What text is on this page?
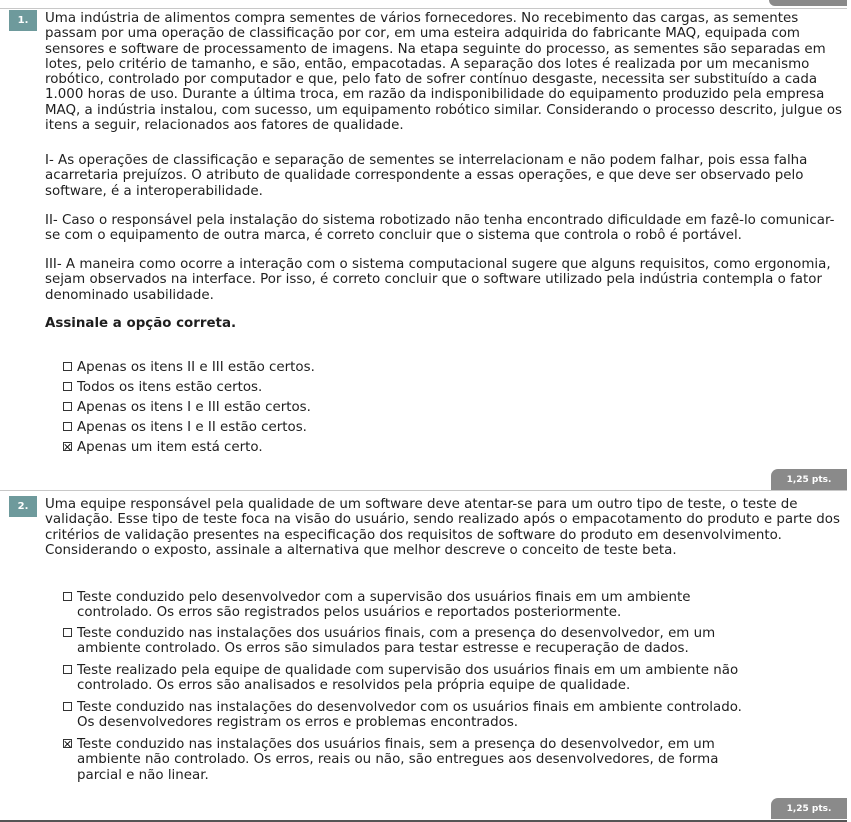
1.	Uma indústria de alimentos compra sementes de vários fornecedores. No recebimento das cargas, as sementes passam por uma operação de classificação por cor, em uma esteira adquirida do fabricante MAQ, equipada com sensores e software de processamento de imagens. Na etapa seguinte do processo, as sementes são separadas em lotes, pelo critério de tamanho, e são, então, empacotadas. A separação dos lotes é realizada por um mecanismo robótico, controlado por computador e que, pelo fato de sofrer contínuo desgaste, necessita ser substituído a cada 1.000 horas de uso. Durante a última troca, em razão da indisponibilidade do equipamento produzido pela empresa MAQ, a indústria instalou, com sucesso, um equipamento robótico similar. Considerando o processo descrito, julgue os itens a seguir, relacionados aos fatores de qualidade.

I- As operações de classificação e separação de sementes se interrelacionam e não podem falhar, pois essa falha acarretaria prejuízos. O atributo de qualidade correspondente a essas operações, e que deve ser observado pelo software, é a interoperabilidade.

II- Caso o responsável pela instalação do sistema robotizado não tenha encontrado dificuldade em fazê-lo comunicar-se com o equipamento de outra marca, é correto concluir que o sistema que controla o robô é portável.

III- A maneira como ocorre a interação com o sistema computacional sugere que alguns requisitos, como ergonomia, sejam observados na interface. Por isso, é correto concluir que o software utilizado pela indústria contempla o fator denominado usabilidade.

Assinale a opção correta.

Apenas os itens II e III estão certos.
Todos os itens estão certos.
Apenas os itens I e III estão certos.
Apenas os itens I e II estão certos.
Apenas um item está certo.
1,25 pts.
2.	Uma equipe responsável pela qualidade de um software deve atentar-se para um outro tipo de teste, o teste de validação. Esse tipo de teste foca na visão do usuário, sendo realizado após o empacotamento do produto e parte dos critérios de validação presentes na especificação dos requisitos de software do produto em desenvolvimento. Considerando o exposto, assinale a alternativa que melhor descreve o conceito de teste beta.

Teste conduzido pelo desenvolvedor com a supervisão dos usuários finais em um ambiente controlado. Os erros são registrados pelos usuários e reportados posteriormente.
Teste conduzido nas instalações dos usuários finais, com a presença do desenvolvedor, em um ambiente controlado. Os erros são simulados para testar estresse e recuperação de dados.
Teste realizado pela equipe de qualidade com supervisão dos usuários finais em um ambiente não controlado. Os erros são analisados e resolvidos pela própria equipe de qualidade.
Teste conduzido nas instalações do desenvolvedor com os usuários finais em ambiente controlado. Os desenvolvedores registram os erros e problemas encontrados.
Teste conduzido nas instalações dos usuários finais, sem a presença do desenvolvedor, em um ambiente não controlado. Os erros, reais ou não, são entregues aos desenvolvedores, de forma parcial e não linear.
1,25 pts.
